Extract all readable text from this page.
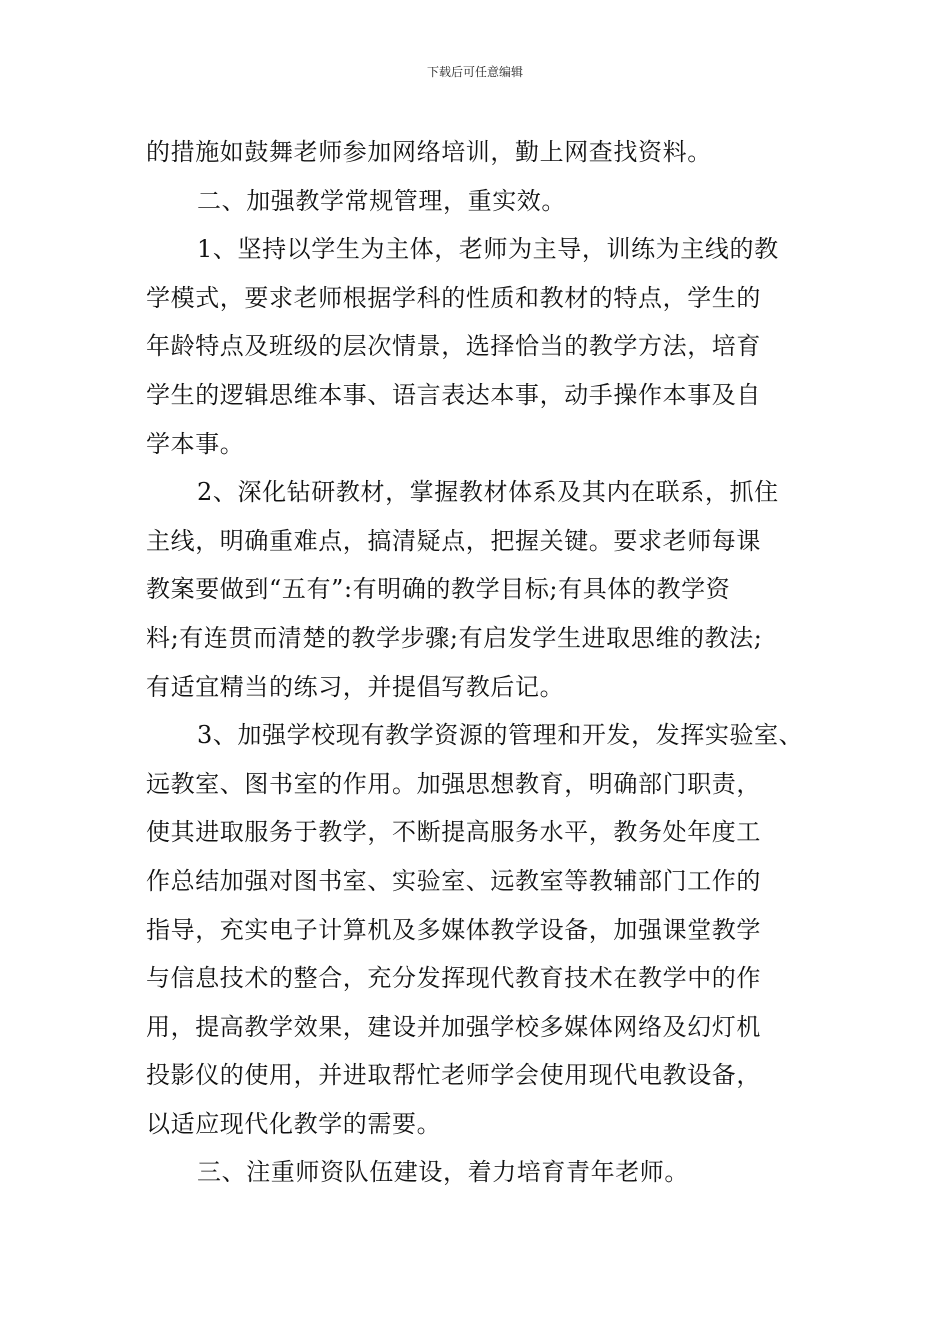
下载后可任意编辑
的措施如鼓舞老师参加网络培训，勤上网查找资料。
二、加强教学常规管理，重实效。
1、坚持以学生为主体，老师为主导，训练为主线的教
学模式，要求老师根据学科的性质和教材的特点，学生的
年龄特点及班级的层次情景，选择恰当的教学方法，培育
学生的逻辑思维本事、语言表达本事，动手操作本事及自
学本事。
2、深化钻研教材，掌握教材体系及其内在联系，抓住
主线，明确重难点，搞清疑点，把握关键。要求老师每课
教案要做到“五有”:有明确的教学目标;有具体的教学资
料;有连贯而清楚的教学步骤;有启发学生进取思维的教法;
有适宜精当的练习，并提倡写教后记。
3、加强学校现有教学资源的管理和开发，发挥实验室、
远教室、图书室的作用。加强思想教育，明确部门职责，
使其进取服务于教学，不断提高服务水平，教务处年度工
作总结加强对图书室、实验室、远教室等教辅部门工作的
指导，充实电子计算机及多媒体教学设备，加强课堂教学
与信息技术的整合，充分发挥现代教育技术在教学中的作
用，提高教学效果，建设并加强学校多媒体网络及幻灯机
投影仪的使用，并进取帮忙老师学会使用现代电教设备，
以适应现代化教学的需要。
三、注重师资队伍建设，着力培育青年老师。
